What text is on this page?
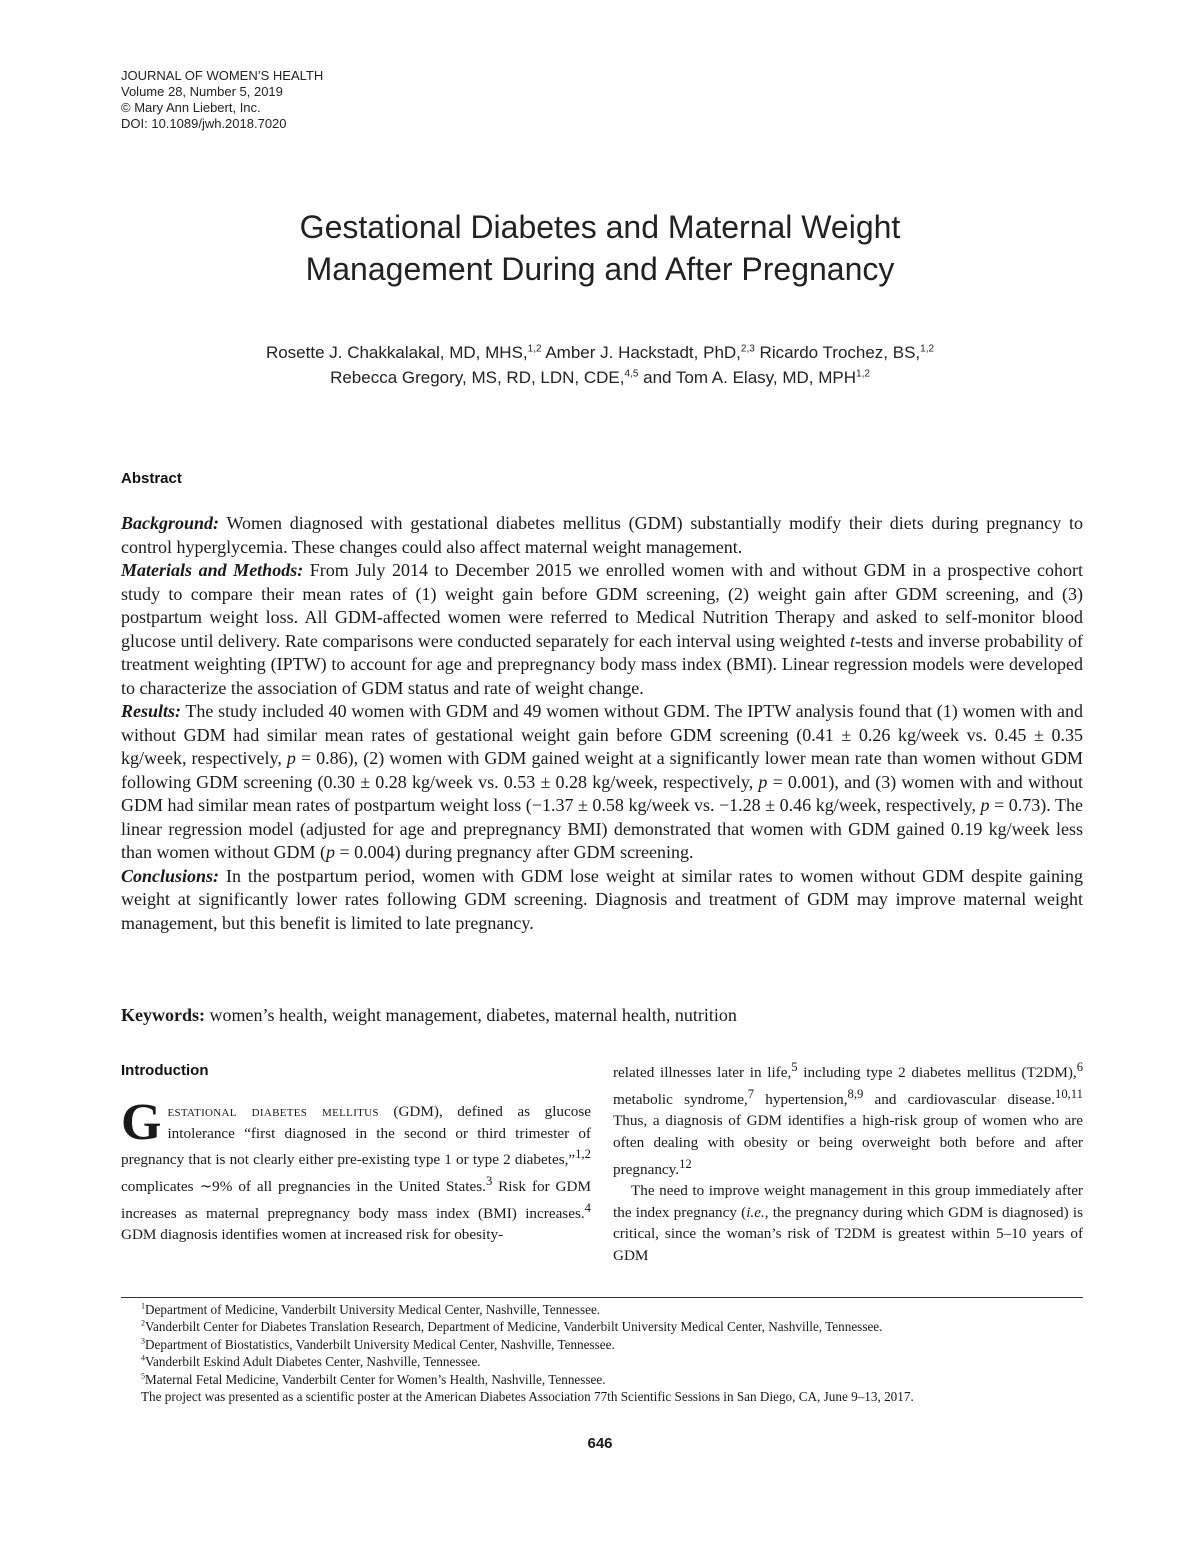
JOURNAL OF WOMEN’S HEALTH
Volume 28, Number 5, 2019
© Mary Ann Liebert, Inc.
DOI: 10.1089/jwh.2018.7020
Gestational Diabetes and Maternal Weight
Management During and After Pregnancy
Rosette J. Chakkalakal, MD, MHS,$^{1,2}$ Amber J. Hackstadt, PhD,$^{2,3}$ Ricardo Trochez, BS,$^{1,2}$
Rebecca Gregory, MS, RD, LDN, CDE,$^{4,5}$ and Tom A. Elasy, MD, MPH$^{1,2}$
Abstract

Background: Women diagnosed with gestational diabetes mellitus (GDM) substantially modify their diets during pregnancy to control hyperglycemia. These changes could also affect maternal weight management.

Materials and Methods: From July 2014 to December 2015 we enrolled women with and without GDM in a prospective cohort study to compare their mean rates of (1) weight gain before GDM screening, (2) weight gain after GDM screening, and (3) postpartum weight loss. All GDM-affected women were referred to Medical Nutrition Therapy and asked to self-monitor blood glucose until delivery. Rate comparisons were conducted separately for each interval using weighted t-tests and inverse probability of treatment weighting (IPTW) to account for age and prepregnancy body mass index (BMI). Linear regression models were developed to characterize the association of GDM status and rate of weight change.

Results: The study included 40 women with GDM and 49 women without GDM. The IPTW analysis found that (1) women with and without GDM had similar mean rates of gestational weight gain before GDM screening (0.41 ± 0.26 kg/week vs. 0.45 ± 0.35 kg/week, respectively, p = 0.86), (2) women with GDM gained weight at a significantly lower mean rate than women without GDM following GDM screening (0.30 ± 0.28 kg/week vs. 0.53 ± 0.28 kg/week, respectively, p = 0.001), and (3) women with and without GDM had similar mean rates of postpartum weight loss (−1.37 ± 0.58 kg/week vs. −1.28 ± 0.46 kg/week, respectively, p = 0.73). The linear regression model (adjusted for age and prepregnancy BMI) demonstrated that women with GDM gained 0.19 kg/week less than women without GDM (p = 0.004) during pregnancy after GDM screening.

Conclusions: In the postpartum period, women with GDM lose weight at similar rates to women without GDM despite gaining weight at significantly lower rates following GDM screening. Diagnosis and treatment of GDM may improve maternal weight management, but this benefit is limited to late pregnancy.

Keywords: women’s health, weight management, diabetes, maternal health, nutrition
Introduction

Gestational diabetes mellitus (GDM), defined as glucose intolerance “first diagnosed in the second or third trimester of pregnancy that is not clearly either pre-existing type 1 or type 2 diabetes,”$^{1,2}$ complicates ∼9% of all pregnancies in the United States.$^3$ Risk for GDM increases as maternal prepregnancy body mass index (BMI) increases.$^4$ GDM diagnosis identifies women at increased risk for obesity-

related illnesses later in life,$^5$ including type 2 diabetes mellitus (T2DM),$^6$ metabolic syndrome,$^7$ hypertension,$^{8,9}$ and cardiovascular disease.$^{10,11}$ Thus, a diagnosis of GDM identifies a high-risk group of women who are often dealing with obesity or being overweight both before and after pregnancy.$^{12}$

The need to improve weight management in this group immediately after the index pregnancy (i.e., the pregnancy during which GDM is diagnosed) is critical, since the woman’s risk of T2DM is greatest within 5–10 years of GDM

$^1$Department of Medicine, Vanderbilt University Medical Center, Nashville, Tennessee.

$^2$Vanderbilt Center for Diabetes Translation Research, Department of Medicine, Vanderbilt University Medical Center, Nashville, Tennessee.

$^3$Department of Biostatistics, Vanderbilt University Medical Center, Nashville, Tennessee.

$^4$Vanderbilt Eskind Adult Diabetes Center, Nashville, Tennessee.

$^5$Maternal Fetal Medicine, Vanderbilt Center for Women’s Health, Nashville, Tennessee.

The project was presented as a scientific poster at the American Diabetes Association 77th Scientific Sessions in San Diego, CA, June 9–13, 2017.

646
